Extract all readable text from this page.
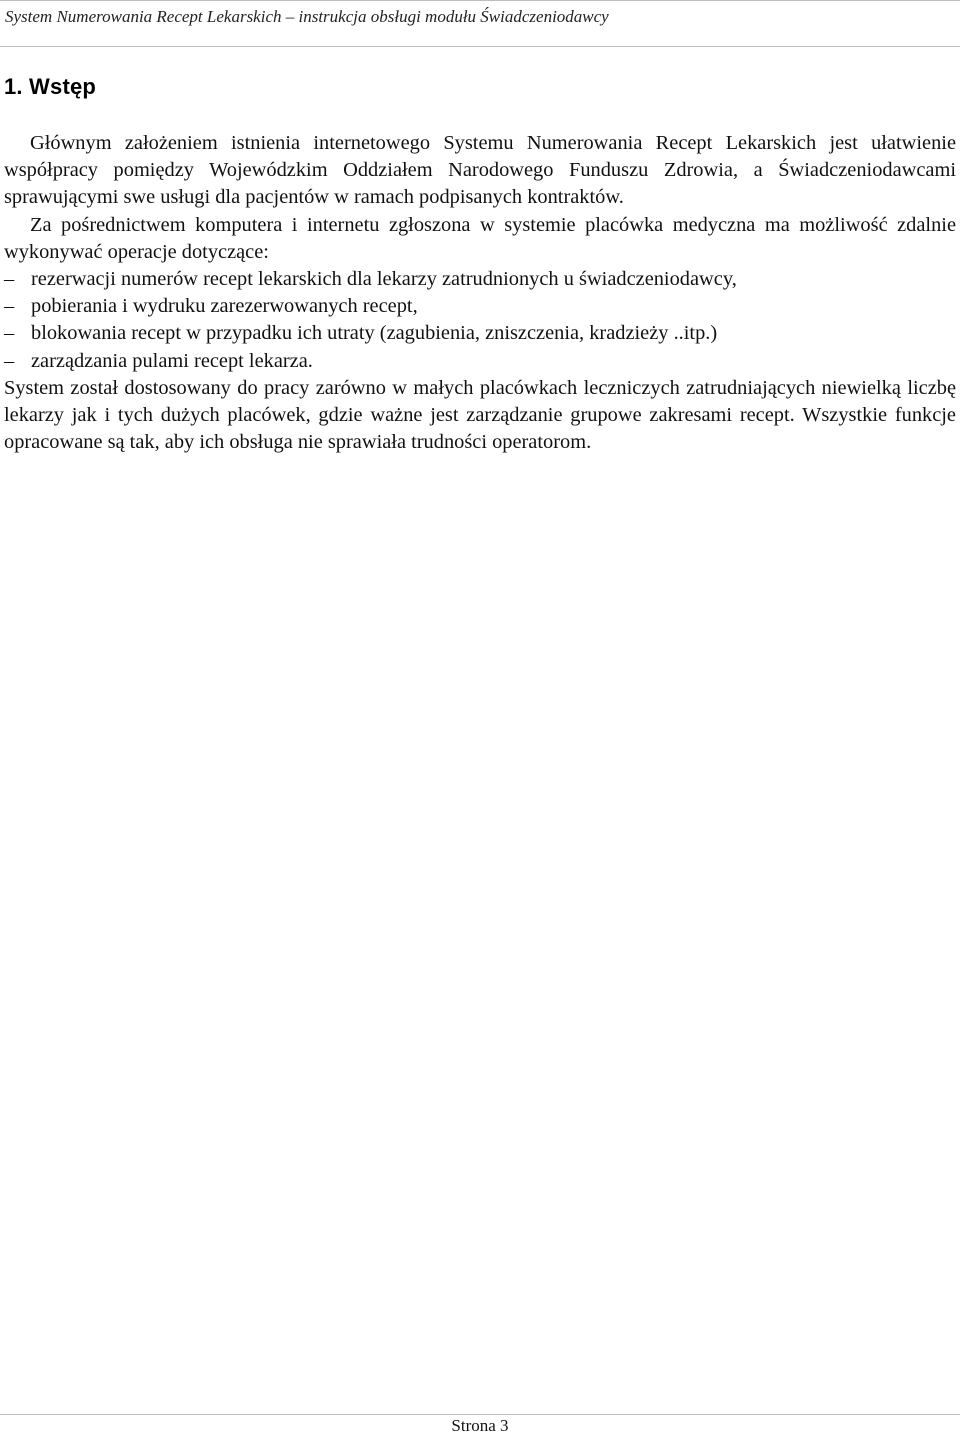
System Numerowania Recept Lekarskich – instrukcja obsługi modułu Świadczeniodawcy
1. Wstęp

Głównym założeniem istnienia internetowego Systemu Numerowania Recept Lekarskich jest ułatwienie współpracy pomiędzy Wojewódzkim Oddziałem Narodowego Funduszu Zdrowia, a Świadczeniodawcami sprawującymi swe usługi dla pacjentów w ramach podpisanych kontraktów.

Za pośrednictwem komputera i internetu zgłoszona w systemie placówka medyczna ma możliwość zdalnie wykonywać operacje dotyczące:

– rezerwacji numerów recept lekarskich dla lekarzy zatrudnionych u świadczeniodawcy,
– pobierania i wydruku zarezerwowanych recept,
– blokowania recept w przypadku ich utraty (zagubienia, zniszczenia, kradzieży ..itp.)
– zarządzania pulami recept lekarza.

System został dostosowany do pracy zarówno w małych placówkach leczniczych zatrudniających niewielką liczbę lekarzy jak i tych dużych placówek, gdzie ważne jest zarządzanie grupowe zakresami recept. Wszystkie funkcje opracowane są tak, aby ich obsługa nie sprawiała trudności operatorom.

Strona 3
